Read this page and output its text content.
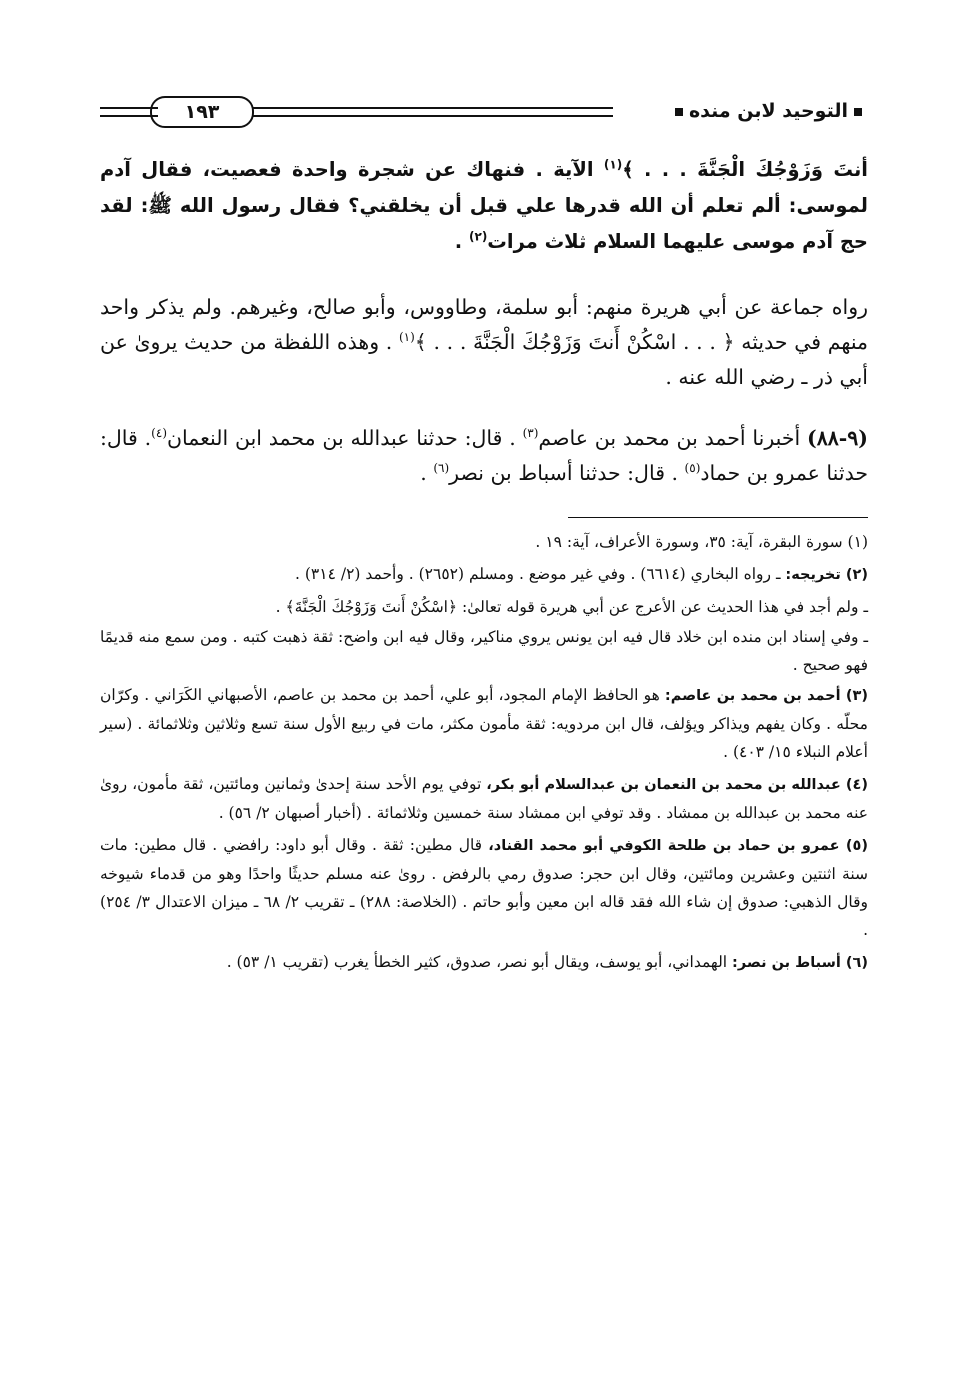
التوحيد لابن منده
١٩٣

أنتَ وَزَوْجُكَ الْجَنَّةَ . . . ﴾$^{(١)}$ الآية . فنهاك عن شجرة واحدة فعصيت، فقال آدم لموسى: ألم تعلم أن الله قدرها علي قبل أن يخلقني؟ فقال رسول الله ﷺ: لقد حج آدم موسى عليهما السلام ثلاث مرات$^{(٢)}$ .

رواه جماعة عن أبي هريرة منهم: أبو سلمة، وطاووس، وأبو صالح، وغيرهم. ولم يذكر واحد منهم في حديثه ﴿ . . . اسْكُنْ أَنتَ وَزَوْجُكَ الْجَنَّةَ . . . ﴾$^{(١)}$ . وهذه اللفظة من حديث يروىٰ عن أبي ذر ـ رضي الله عنه .

(٩-٨٨) أخبرنا أحمد بن محمد بن عاصم$^{(٣)}$ . قال: حدثنا عبدالله بن محمد ابن النعمان$^{(٤)}$. قال: حدثنا عمرو بن حماد$^{(٥)}$ . قال: حدثنا أسباط بن نصر$^{(٦)}$ .

(١) سورة البقرة، آية: ٣٥، وسورة الأعراف، آية: ١٩ .

(٢) تخريجه: ـ رواه البخاري (٦٦١٤) . وفي غير موضع . ومسلم (٢٦٥٢) . وأحمد (٢/ ٣١٤) .

ـ ولم أجد في هذا الحديث عن الأعرج عن أبي هريرة قوله تعالىٰ: ﴿اسْكُنْ أَنتَ وَزَوْجُكَ الْجَنَّةَ﴾ .

ـ وفي إسناد ابن منده ابن خلاد قال فيه ابن يونس يروي مناكير، وقال فيه ابن واضح: ثقة ذهبت كتبه . ومن سمع منه قديمًا فهو صحيح .

(٣) أحمد بن محمد بن عاصم: هو الحافظ الإمام المجود، أبو علي، أحمد بن محمد بن عاصم، الأصبهاني الكَرَاني . وكرّان محلّه . وكان يفهم ويذاكر ويؤلف، قال ابن مردويه: ثقة مأمون مكثر، مات في ربيع الأول سنة تسع وثلاثين وثلاثمائة . (سير أعلام النبلاء ١٥/ ٤٠٣) .

(٤) عبدالله بن محمد بن النعمان بن عبدالسلام أبو بكر، توفي يوم الأحد سنة إحدىٰ وثمانين ومائتين، ثقة مأمون، روىٰ عنه محمد بن عبدالله بن ممشاد . وقد توفي ابن ممشاد سنة خمسين وثلاثمائة . (أخبار أصبهان ٢/ ٥٦) .

(٥) عمرو بن حماد بن طلحة الكوفي أبو محمد القناد، قال مطين: ثقة . وقال أبو داود: رافضي . قال مطين: مات سنة اثنتين وعشرين ومائتين، وقال ابن حجر: صدوق رمي بالرفض . روىٰ عنه مسلم حديثًا واحدًا وهو من قدماء شيوخه وقال الذهبي: صدوق إن شاء الله فقد قاله ابن معين وأبو حاتم . (الخلاصة: ٢٨٨) ـ تقريب ٢/ ٦٨ ـ ميزان الاعتدال ٣/ ٢٥٤) .

(٦) أسباط بن نصر: الهمداني، أبو يوسف، ويقال أبو نصر، صدوق، كثير الخطأ يغرب (تقريب ١/ ٥٣) .
